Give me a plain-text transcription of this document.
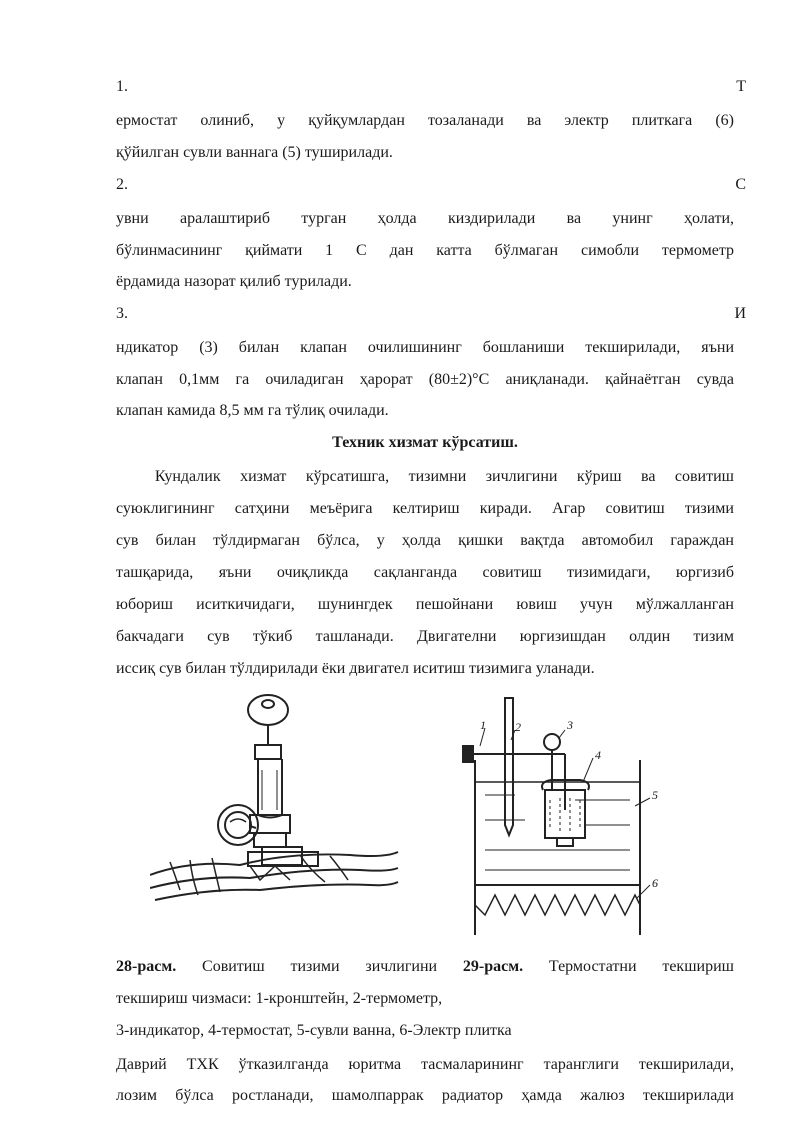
1.	Т

ермостат олиниб, у қуйқумлардан тозаланади ва электр плиткага (6)

қўйилган сувли ваннага (5) туширилади.

2.	С

увни аралаштириб турган ҳолда киздирилади ва унинг ҳолати,

бўлинмасининг қиймати 1 С дан катта бўлмаган симобли термометр

ёрдамида назорат қилиб турилади.

3.	И

ндикатор (3) билан клапан очилишининг бошланиши текширилади, яъни

клапан 0,1мм га очиладиган ҳарорат (80±2)°С аниқланади. қайнаётган сувда

клапан камида 8,5 мм га тўлиқ очилади.

Техник хизмат кўрсатиш.

Кундалик хизмат кўрсатишга, тизимни зичлигини кўриш ва совитиш

суюклигининг сатҳини меъёрига келтириш киради. Агар совитиш тизими

сув билан тўлдирмаган бўлса, у ҳолда қишки вақтда автомобил гараждан

ташқарида, яъни очиқликда сақланганда совитиш тизимидаги, юргизиб

юбориш иситкичидаги, шунингдек пешойнани ювиш учун мўлжалланган

бакчадаги сув тўкиб ташланади. Двигателни юргизишдан олдин тизим

иссиқ сув билан тўлдирилади ёки двигател иситиш тизимига уланади.

1 2	3
4
5
6
28-расм. Совитиш тизими зичлигини 29-расм. Термостатни текшириш
текшириш чизмаси: 1-кронштейн, 2-термометр,
3-индикатор, 4-термостат, 5-сувли ванна, 6-Электр плитка

Даврий ТХК ўтказилганда юритма тасмаларининг таранглиги текширилади,

лозим бўлса ростланади, шамолпаррак радиатор ҳамда жалюз текширилади
